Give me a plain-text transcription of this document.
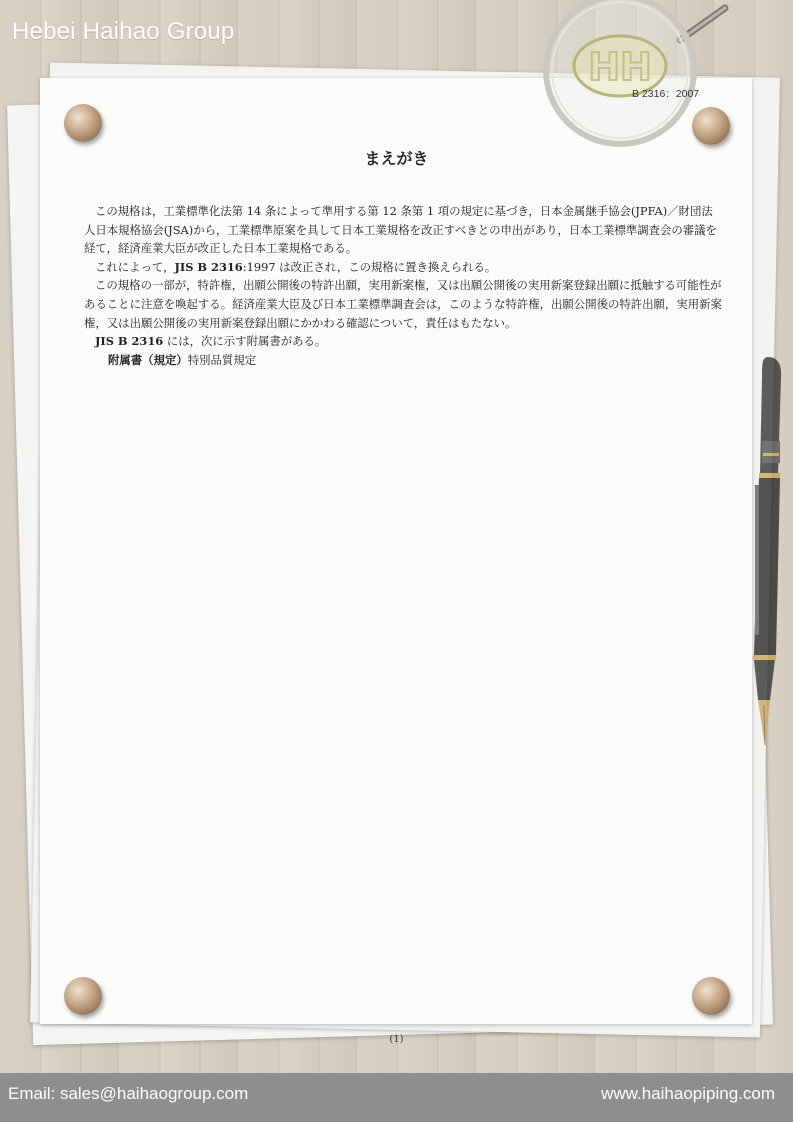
Hebei Haihao Group
HH
B 2316：2007
まえがき

この規格は，工業標準化法第 14 条によって準用する第 12 条第 1 項の規定に基づき，日本金属継手協会(JPFA)／財団法人日本規格協会(JSA)から，工業標準原案を具して日本工業規格を改正すべきとの申出があり，日本工業標準調査会の審議を経て，経済産業大臣が改正した日本工業規格である。

これによって，JIS B 2316:1997 は改正され，この規格に置き換えられる。

この規格の一部が，特許権，出願公開後の特許出願，実用新案権，又は出願公開後の実用新案登録出願に抵触する可能性があることに注意を喚起する。経済産業大臣及び日本工業標準調査会は，このような特許権，出願公開後の特許出願，実用新案権，又は出願公開後の実用新案登録出願にかかわる確認について，責任はもたない。

JIS B 2316 には，次に示す附属書がある。

附属書（規定）特別品質規定

(1)
Email: sales@haihaogroup.com	www.haihaopiping.com
